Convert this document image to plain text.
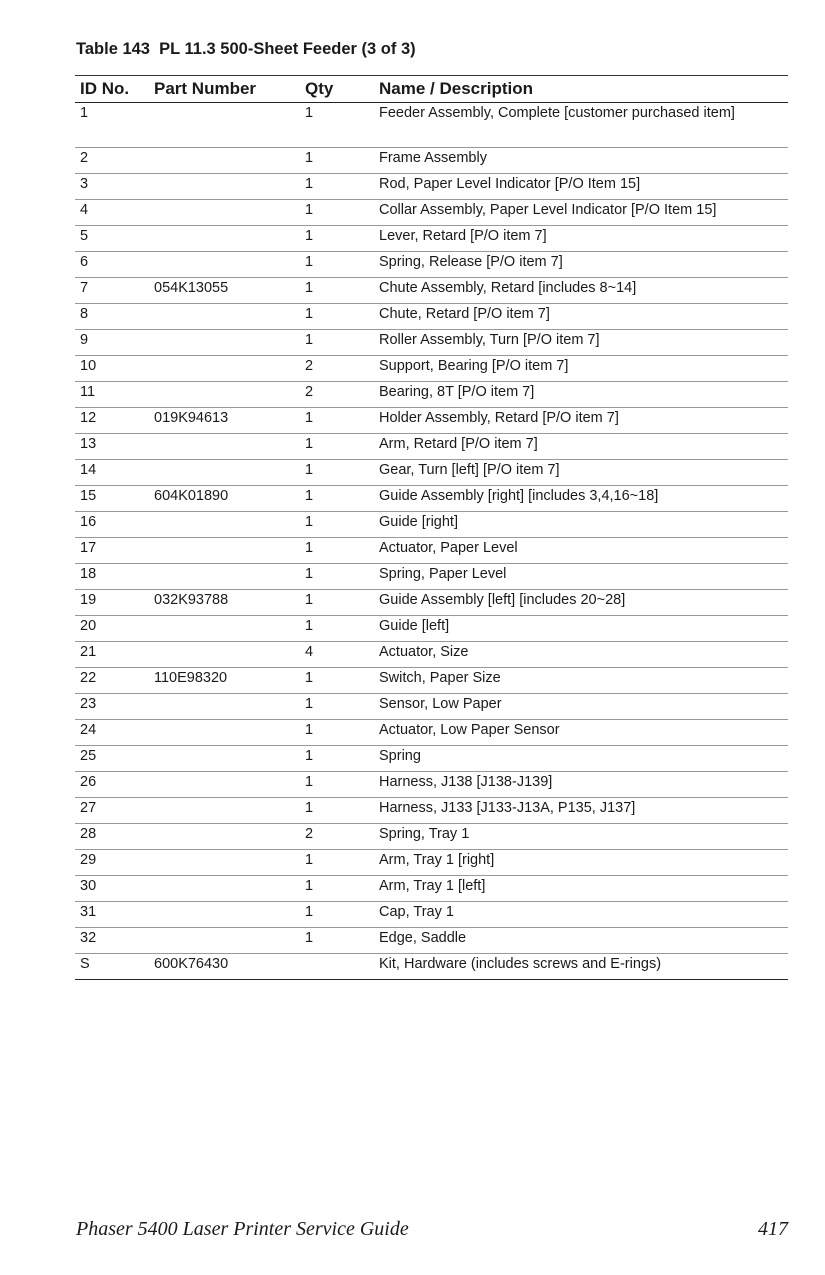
Table 143  PL 11.3 500-Sheet Feeder (3 of 3)
ID No.	Part Number	Qty	Name / Description
1		1	Feeder Assembly, Complete [customer purchased item]
2		1	Frame Assembly
3		1	Rod, Paper Level Indicator [P/O Item 15]
4		1	Collar Assembly, Paper Level Indicator [P/O Item 15]
5		1	Lever, Retard [P/O item 7]
6		1	Spring, Release [P/O item 7]
7	054K13055	1	Chute Assembly, Retard [includes 8~14]
8		1	Chute, Retard [P/O item 7]
9		1	Roller Assembly, Turn [P/O item 7]
10		2	Support, Bearing [P/O item 7]
11		2	Bearing, 8T [P/O item 7]
12	019K94613	1	Holder Assembly, Retard [P/O item 7]
13		1	Arm, Retard [P/O item 7]
14		1	Gear, Turn [left] [P/O item 7]
15	604K01890	1	Guide Assembly [right] [includes 3,4,16~18]
16		1	Guide [right]
17		1	Actuator, Paper Level
18		1	Spring, Paper Level
19	032K93788	1	Guide Assembly [left] [includes 20~28]
20		1	Guide [left]
21		4	Actuator, Size
22	110E98320	1	Switch, Paper Size
23		1	Sensor, Low Paper
24		1	Actuator, Low Paper Sensor
25		1	Spring
26		1	Harness, J138 [J138-J139]
27		1	Harness, J133 [J133-J13A, P135, J137]
28		2	Spring, Tray 1
29		1	Arm, Tray 1 [right]
30		1	Arm, Tray 1 [left]
31		1	Cap, Tray 1
32		1	Edge, Saddle
S	600K76430		Kit, Hardware (includes screws and E-rings)
Phaser 5400 Laser Printer Service Guide	417
